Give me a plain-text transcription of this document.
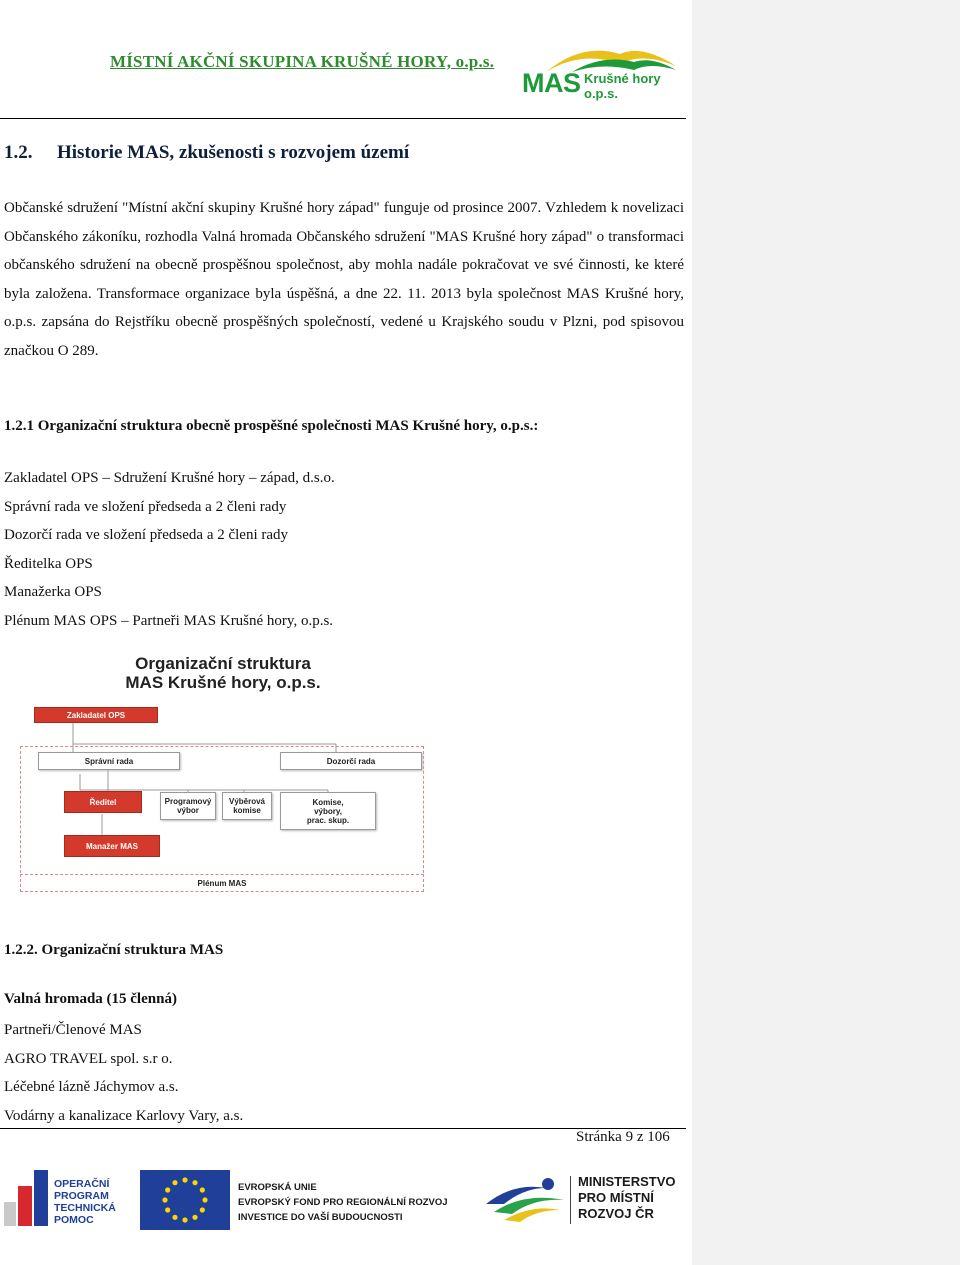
MÍSTNÍ AKČNÍ SKUPINA KRUŠNÉ HORY, o.p.s.
MAS Krušné hory
o.p.s.
1.2. Historie MAS, zkušenosti s rozvojem území

Občanské sdružení "Místní akční skupiny Krušné hory západ" funguje od prosince 2007. Vzhledem k novelizaci Občanského zákoníku, rozhodla Valná hromada Občanského sdružení "MAS Krušné hory západ" o transformaci občanského sdružení na obecně prospěšnou společnost, aby mohla nadále pokračovat ve své činnosti, ke které byla založena. Transformace organizace byla úspěšná, a dne 22. 11. 2013 byla společnost MAS Krušné hory, o.p.s. zapsána do Rejstříku obecně prospěšných společností, vedené u Krajského soudu v Plzni, pod spisovou značkou O 289.

1.2.1 Organizační struktura obecně prospěšné společnosti MAS Krušné hory, o.p.s.:

Zakladatel OPS – Sdružení Krušné hory – západ, d.s.o.
Správní rada ve složení předseda a 2 členi rady
Dozorčí rada ve složení předseda a 2 členi rady
Ředitelka OPS
Manažerka OPS
Plénum MAS OPS – Partneři MAS Krušné hory, o.p.s.
Organizační struktura
MAS Krušné hory, o.p.s.
Zakladatel OPS
Správní rada	Dozorčí rada
Ředitel	Programový
výbor
Výběrová
komise
Komise,
výbory,
prac. skup.
Manažer MAS
Plénum MAS

1.2.2. Organizační struktura MAS

Valná hromada (15 členná)

Partneři/Členové MAS
AGRO TRAVEL spol. s.r o.
Léčebné lázně Jáchymov a.s.
Vodárny a kanalizace Karlovy Vary, a.s.
Stránka 9 z 106
OPERAČNÍ
PROGRAM
TECHNICKÁ
POMOC
EVROPSKÁ UNIE
EVROPSKÝ FOND PRO REGIONÁLNÍ ROZVOJ
INVESTICE DO VAŠÍ BUDOUCNOSTI
MINISTERSTVO
PRO MÍSTNÍ
ROZVOJ ČR
